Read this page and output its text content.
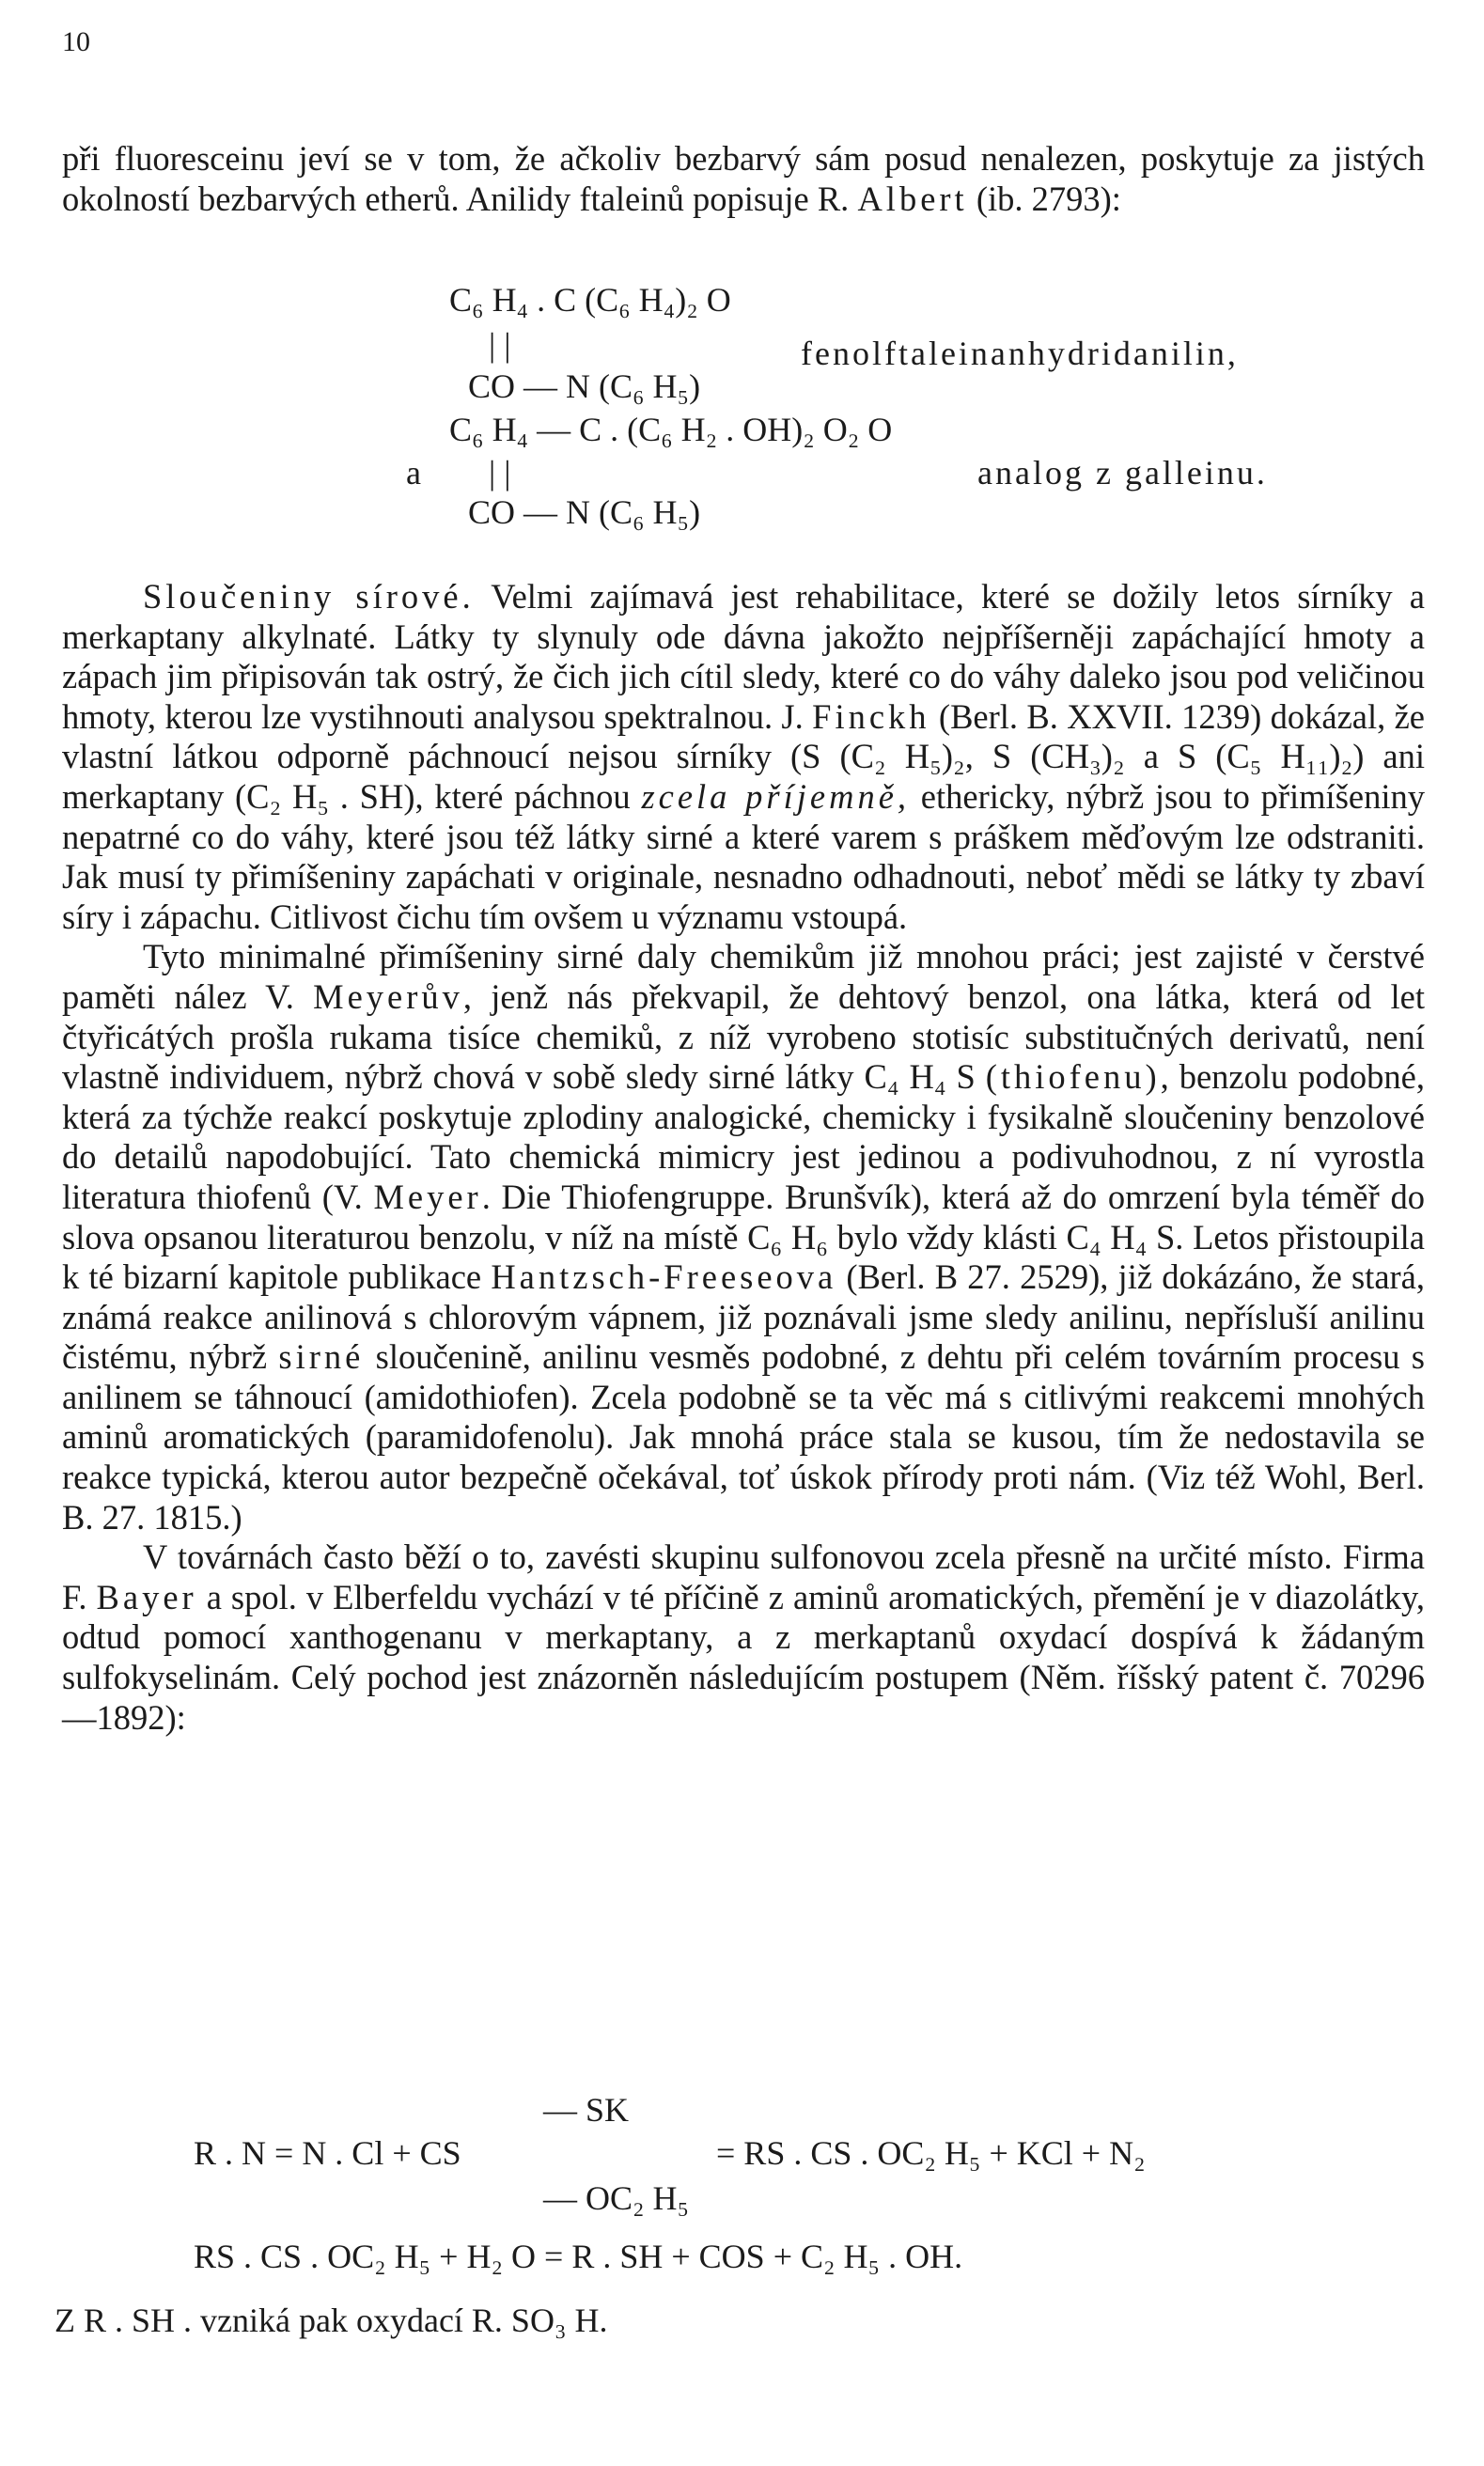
10

při fluoresceinu jeví se v tom, že ačkoliv bezbarvý sám posud nenalezen, poskytuje za jistých okolností bezbarvých etherů. Anilidy ftaleinů popisuje R. Albert (ib. 2793):

C₆ H₄ . C (C₆ H₄)₂ O
| |
CO — N (C₆ H₅)
fenolftaleinanhydridanilin,
a
C₆ H₄ — C . (C₆ H₂ . OH)₂ O₂ O
| |
CO — N (C₆ H₅)
analog z galleinu.

Sloučeniny sírové. Velmi zajímavá jest rehabilitace, které se dožily letos sírníky a merkaptany alkylnaté. Látky ty slynuly ode dávna jakožto nejpříšerněji zapáchající hmoty a zápach jim připisován tak ostrý, že čich jich cítil sledy, které co do váhy daleko jsou pod veličinou hmoty, kterou lze vystihnouti analysou spektralnou. J. Finckh (Berl. B. XXVII. 1239) dokázal, že vlastní látkou odporně páchnoucí nejsou sírníky (S (C₂ H₅)₂, S (CH₃)₂ a S (C₅ H₁₁)₂) ani merkaptany (C₂ H₅ . SH), které páchnou zcela příjemně, ethericky, nýbrž jsou to přimíšeniny nepatrné co do váhy, které jsou též látky sirné a které varem s práškem měďovým lze odstraniti. Jak musí ty přimíšeniny zapáchati v originale, nesnadno odhadnouti, neboť mědi se látky ty zbaví síry i zápachu. Citlivost čichu tím ovšem u významu vstoupá.

Tyto minimalné přimíšeniny sirné daly chemikům již mnohou práci; jest zajisté v čerstvé paměti nález V. Meyerův, jenž nás překvapil, že dehtový benzol, ona látka, která od let čtyřicátých prošla rukama tisíce chemiků, z níž vyrobeno stotisíc substitučných derivatů, není vlastně individuem, nýbrž chová v sobě sledy sirné látky C₄ H₄ S (thiofenu), benzolu podobné, která za týchže reakcí poskytuje zplodiny analogické, chemicky i fysikalně sloučeniny benzolové do detailů napodobující. Tato chemická mimicry jest jedinou a podivuhodnou, z ní vyrostla literatura thiofenů (V. Meyer. Die Thiofengruppe. Brunšvík), která až do omrzení byla téměř do slova opsanou literaturou benzolu, v níž na místě C₆ H₆ bylo vždy klásti C₄ H₄ S. Letos přistoupila k té bizarní kapitole publikace Hantzsch-Freeseova (Berl. B 27. 2529), již dokázáno, že stará, známá reakce anilinová s chlorovým vápnem, již poznávali jsme sledy anilinu, nepřísluší anilinu čistému, nýbrž sirné sloučenině, anilinu vesměs podobné, z dehtu při celém továrním procesu s anilinem se táhnoucí (amidothiofen). Zcela podobně se ta věc má s citlivými reakcemi mnohých aminů aromatických (paramidofenolu). Jak mnohá práce stala se kusou, tím že nedostavila se reakce typická, kterou autor bezpečně očekával, toť úskok přírody proti nám. (Viz též Wohl, Berl. B. 27. 1815.)

V továrnách často běží o to, zavésti skupinu sulfonovou zcela přesně na určité místo. Firma F. Bayer a spol. v Elberfeldu vychází v té příčině z aminů aromatických, přemění je v diazolátky, odtud pomocí xanthogenanu v merkaptany, a z merkaptanů oxydací dospívá k žádaným sulfokyselinám. Celý pochod jest znázorněn následujícím postupem (Něm. říšský patent č. 70296—1892):

— SK
R . N = N . Cl + CS	= RS . CS . OC₂ H₅ + KCl + N₂
— OC₂ H₅
RS . CS . OC₂ H₅ + H₂ O = R . SH + COS + C₂ H₅ . OH.
Z R . SH . vzniká pak oxydací R. SO₃ H.
